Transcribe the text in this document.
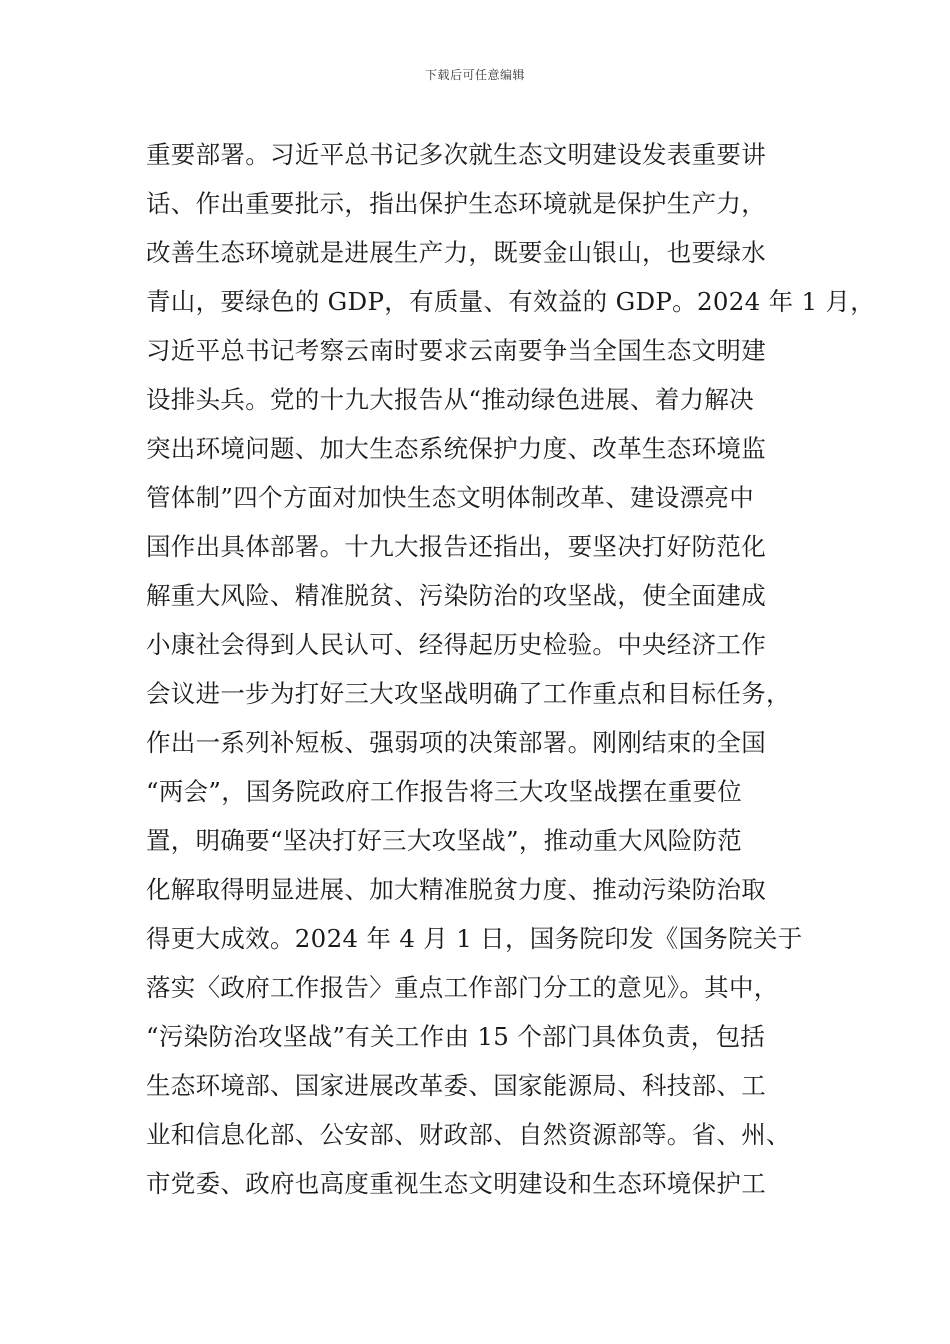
下载后可任意编辑
重要部署。习近平总书记多次就生态文明建设发表重要讲
话、作出重要批示，指出保护生态环境就是保护生产力，
改善生态环境就是进展生产力，既要金山银山，也要绿水
青山，要绿色的 GDP，有质量、有效益的 GDP。2024 年 1 月，
习近平总书记考察云南时要求云南要争当全国生态文明建
设排头兵。党的十九大报告从“推动绿色进展、着力解决
突出环境问题、加大生态系统保护力度、改革生态环境监
管体制”四个方面对加快生态文明体制改革、建设漂亮中
国作出具体部署。十九大报告还指出，要坚决打好防范化
解重大风险、精准脱贫、污染防治的攻坚战，使全面建成
小康社会得到人民认可、经得起历史检验。中央经济工作
会议进一步为打好三大攻坚战明确了工作重点和目标任务，
作出一系列补短板、强弱项的决策部署。刚刚结束的全国
“两会”，国务院政府工作报告将三大攻坚战摆在重要位
置，明确要“坚决打好三大攻坚战”，推动重大风险防范
化解取得明显进展、加大精准脱贫力度、推动污染防治取
得更大成效。2024 年 4 月 1 日，国务院印发《国务院关于
落实〈政府工作报告〉重点工作部门分工的意见》。其中，
“污染防治攻坚战”有关工作由 15 个部门具体负责，包括
生态环境部、国家进展改革委、国家能源局、科技部、工
业和信息化部、公安部、财政部、自然资源部等。省、州、
市党委、政府也高度重视生态文明建设和生态环境保护工
